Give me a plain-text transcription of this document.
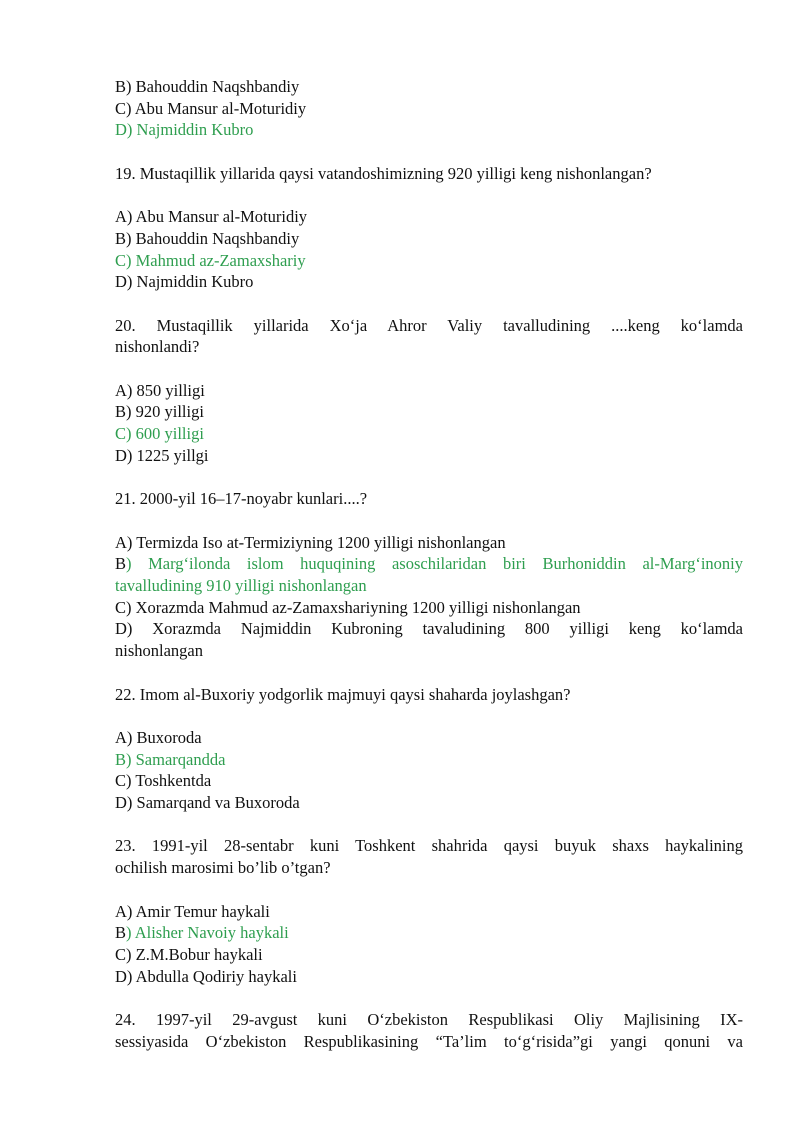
B) Bahouddin Naqshbandiy
C) Abu Mansur al-Moturidiy
D) Najmiddin Kubro
19. Mustaqillik yillarida qaysi vatandoshimizning 920 yilligi keng nishonlangan?
A) Abu Mansur al-Moturidiy
B) Bahouddin Naqshbandiy
C) Mahmud az-Zamaxshariy
D) Najmiddin Kubro
20. Mustaqillik yillarida Xo‘ja Ahror Valiy tavalludining ....keng ko‘lamda
nishonlandi?
A) 850 yilligi
B) 920 yilligi
C) 600 yilligi
D) 1225 yillgi
21. 2000-yil 16–17-noyabr kunlari....?
A) Termizda Iso at-Termiziyning 1200 yilligi nishonlangan
B) Marg‘ilonda islom huquqining asoschilaridan biri Burhoniddin al-Marg‘inoniy
tavalludining 910 yilligi nishonlangan
C) Xorazmda Mahmud az-Zamaxshariyning 1200 yilligi nishonlangan
D) Xorazmda Najmiddin Kubroning tavaludining 800 yilligi keng ko‘lamda
nishonlangan
22. Imom al-Buxoriy yodgorlik majmuyi qaysi shaharda joylashgan?
A) Buxoroda
B) Samarqandda
C) Toshkentda
D) Samarqand va Buxoroda
23. 1991-yil 28-sentabr kuni Toshkent shahrida qaysi buyuk shaxs haykalining
ochilish marosimi bo’lib o’tgan?
A) Amir Temur haykali
B) Alisher Navoiy haykali
C) Z.M.Bobur haykali
D) Abdulla Qodiriy haykali
24. 1997-yil 29-avgust kuni O‘zbekiston Respublikasi Oliy Majlisining IX-
sessiyasida O‘zbekiston Respublikasining “Ta’lim to‘g‘risida”gi yangi qonuni va
